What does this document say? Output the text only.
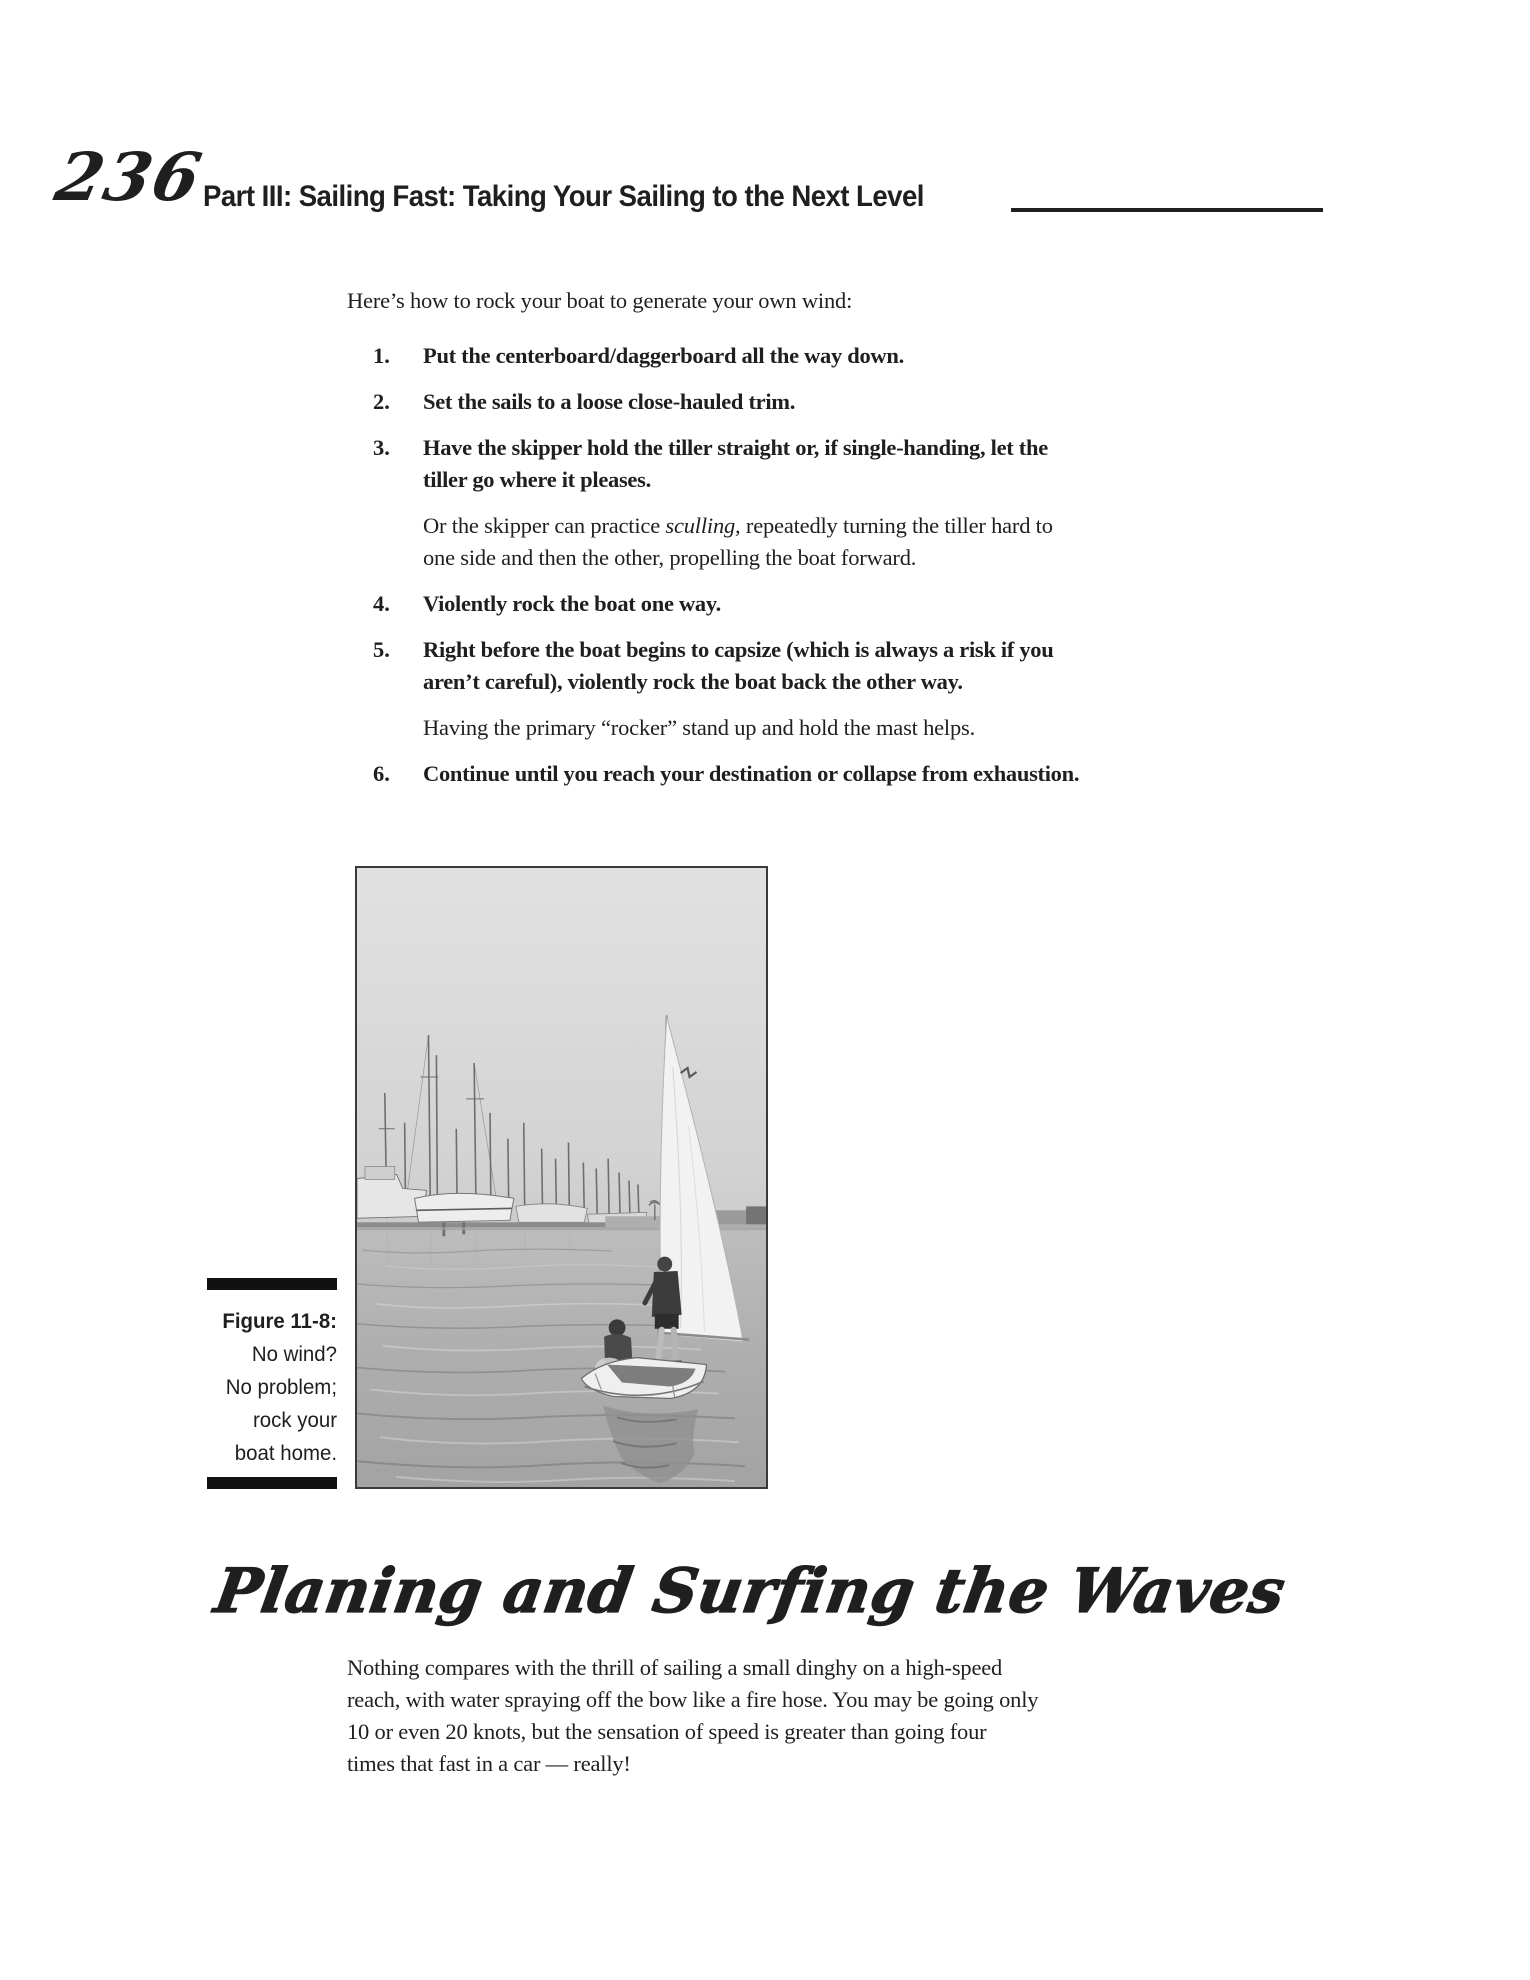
236
Part III: Sailing Fast: Taking Your Sailing to the Next Level
Here’s how to rock your boat to generate your own wind:
1.	Put the centerboard/daggerboard all the way down.
2.	Set the sails to a loose close-hauled trim.
3.	Have the skipper hold the tiller straight or, if single-handing, let the
tiller go where it pleases.
Or the skipper can practice sculling, repeatedly turning the tiller hard to
one side and then the other, propelling the boat forward.
4.	Violently rock the boat one way.
5.	Right before the boat begins to capsize (which is always a risk if you
aren’t careful), violently rock the boat back the other way.
Having the primary “rocker” stand up and hold the mast helps.
6.	Continue until you reach your destination or collapse from exhaustion.
Figure 11-8:
No wind?
No problem;
rock your
boat home.
Planing and Surfing the Waves
Nothing compares with the thrill of sailing a small dinghy on a high-speed
reach, with water spraying off the bow like a fire hose. You may be going only
10 or even 20 knots, but the sensation of speed is greater than going four
times that fast in a car — really!
